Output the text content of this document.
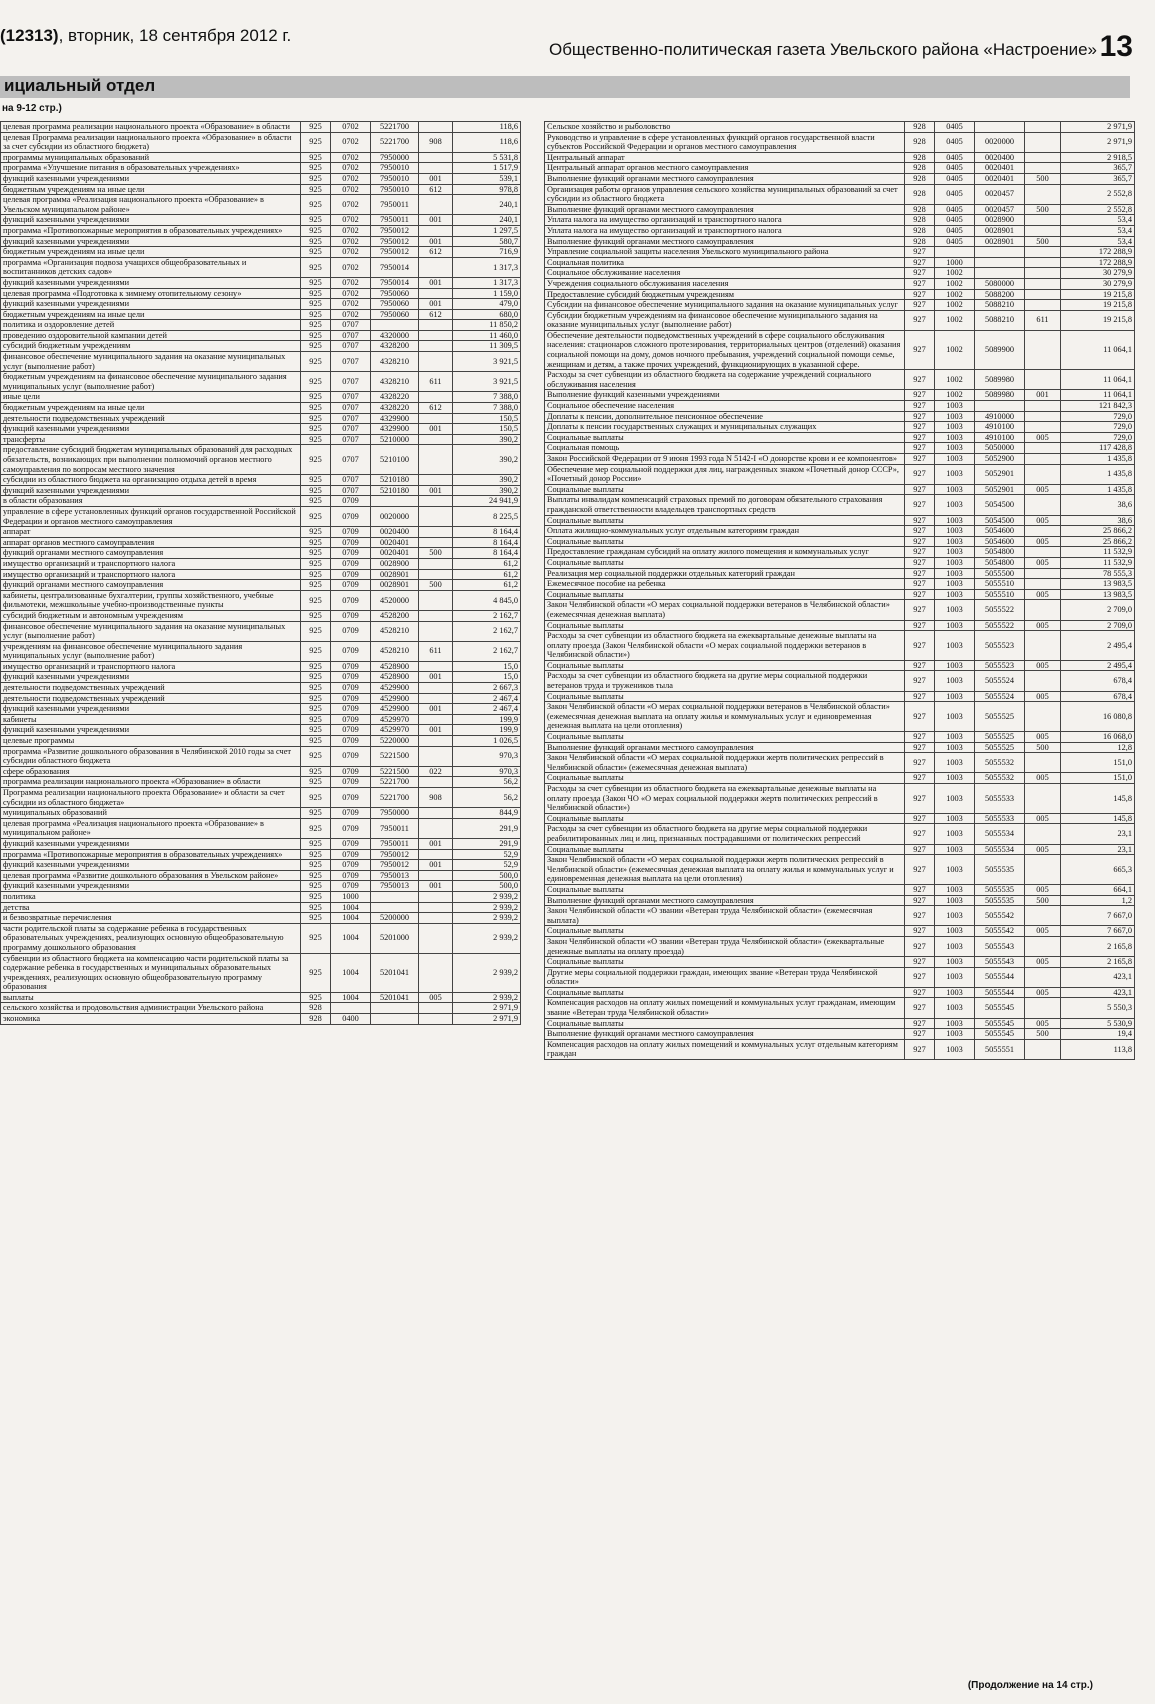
(12313), вторник, 18 сентября 2012 г.
Общественно-политическая газета Увельского района «Настроение» 13
ициальный отдел
на 9-12 стр.)
целевая программа реализации национального проекта «Образование» в области	925	0702	5221700		118,6
целевая Программа реализации национального проекта «Образование» в области за счет субсидии из областного бюджета)	925	0702	5221700	908	118,6
программы муниципальных образований	925	0702	7950000		5 531,8
программа «Улучшение питания в образовательных учреждениях»	925	0702	7950010		1 517,9
функций казенными учреждениями	925	0702	7950010	001	539,1
бюджетным учреждениям на иные цели	925	0702	7950010	612	978,8
целевая программа «Реализация национального проекта «Образование» в Увельском муниципальном районе»	925	0702	7950011		240,1
функций казенными учреждениями	925	0702	7950011	001	240,1
программа «Противопожарные мероприятия в образовательных учреждениях»	925	0702	7950012		1 297,5
функций казенными учреждениями	925	0702	7950012	001	580,7
бюджетным учреждениям на иные цели	925	0702	7950012	612	716,9
программа «Организация подвоза учащихся общеобразовательных и воспитанников детских садов»	925	0702	7950014		1 317,3
функций казенными учреждениями	925	0702	7950014	001	1 317,3
целевая программа «Подготовка к зимнему отопительному сезону»	925	0702	7950060		1 159,0
функций казенными учреждениями	925	0702	7950060	001	479,0
бюджетным учреждениям на иные цели	925	0702	7950060	612	680,0
политика и оздоровление детей	925	0707			11 850,2
проведению оздоровительной кампании детей	925	0707	4320000		11 460,0
субсидий бюджетным учреждениям	925	0707	4328200		11 309,5
финансовое обеспечение муниципального задания на оказание муниципальных услуг (выполнение работ)	925	0707	4328210		3 921,5
бюджетным учреждениям на финансовое обеспечение муниципального задания муниципальных услуг (выполнение работ)	925	0707	4328210	611	3 921,5
иные цели	925	0707	4328220		7 388,0
бюджетным учреждениям на иные цели	925	0707	4328220	612	7 388,0
деятельности подведомственных учреждений	925	0707	4329900		150,5
функций казенными учреждениями	925	0707	4329900	001	150,5
трансферты	925	0707	5210000		390,2
предоставление субсидий бюджетам муниципальных образований для расходных обязательств, возникающих при выполнении полномочий органов местного самоуправления по вопросам местного значения	925	0707	5210100		390,2
субсидии из областного бюджета на организацию отдыха детей в время	925	0707	5210180		390,2
функций казенными учреждениями	925	0707	5210180	001	390,2
в области образования	925	0709			24 941,9
управление в сфере установленных функций органов государственной Российской Федерации и органов местного самоуправления	925	0709	0020000		8 225,5
аппарат	925	0709	0020400		8 164,4
аппарат органов местного самоуправления	925	0709	0020401		8 164,4
функций органами местного самоуправления	925	0709	0020401	500	8 164,4
имущество организаций и транспортного налога	925	0709	0028900		61,2
имущество организаций и транспортного налога	925	0709	0028901		61,2
функций органами местного самоуправления	925	0709	0028901	500	61,2
кабинеты, централизованные бухгалтерии, группы хозяйственного, учебные фильмотеки, межшкольные учебно-производственные пункты	925	0709	4520000		4 845,0
субсидий бюджетным и автономным учреждениям	925	0709	4528200		2 162,7
финансовое обеспечение муниципального задания на оказание муниципальных услуг (выполнение работ)	925	0709	4528210		2 162,7
учреждениям на финансовое обеспечение муниципального задания муниципальных услуг (выполнение работ)	925	0709	4528210	611	2 162,7
имущество организаций и транспортного налога	925	0709	4528900		15,0
функций казенными учреждениями	925	0709	4528900	001	15,0
деятельности подведомственных учреждений	925	0709	4529900		2 667,3
деятельности подведомственных учреждений	925	0709	4529900		2 467,4
функций казенными учреждениями	925	0709	4529900	001	2 467,4
кабинеты	925	0709	4529970		199,9
функций казенными учреждениями	925	0709	4529970	001	199,9
целевые программы	925	0709	5220000		1 026,5
программа «Развитие дошкольного образования в Челябинской 2010 годы за счет субсидии областного бюджета	925	0709	5221500		970,3
сфере образования	925	0709	5221500	022	970,3
программа реализации национального проекта «Образование» в области	925	0709	5221700		56,2
Программа реализации национального проекта Образование» и области за счет субсидии из областного бюджета»	925	0709	5221700	908	56,2
муниципальных образований	925	0709	7950000		844,9
целевая программа «Реализация национального проекта «Образование» в муниципальном районе»	925	0709	7950011		291,9
функций казенными учреждениями	925	0709	7950011	001	291,9
программа «Противопожарные мероприятия в образовательных учреждениях»	925	0709	7950012		52,9
функций казенными учреждениями	925	0709	7950012	001	52,9
целевая программа «Развитие дошкольного образования в Увельском районе»	925	0709	7950013		500,0
функций казенными учреждениями	925	0709	7950013	001	500,0
политика	925	1000			2 939,2
детства	925	1004			2 939,2
и безвозвратные перечисления	925	1004	5200000		2 939,2
части родительской платы за содержание ребенка в государственных образовательных учреждениях, реализующих основную общеобразовательную программу дошкольного образования	925	1004	5201000		2 939,2
субвенции из областного бюджета на компенсацию части родительской платы за содержание ребенка в государственных и муниципальных образовательных учреждениях, реализующих основную общеобразовательную программу образования	925	1004	5201041		2 939,2
выплаты	925	1004	5201041	005	2 939,2
сельского хозяйства и продовольствия администрации Увельского района	928				2 971,9
экономика	928	0400			2 971,9
Сельское хозяйство и рыболовство	928	0405			2 971,9
Руководство и управление в сфере установленных функций органов государственной власти субъектов Российской Федерации и органов местного самоуправления	928	0405	0020000		2 971,9
Центральный аппарат	928	0405	0020400		2 918,5
Центральный аппарат органов местного самоуправления	928	0405	0020401		365,7
Выполнение функций органами местного самоуправления	928	0405	0020401	500	365,7
Организация работы органов управления сельского хозяйства муниципальных образований за счет субсидии из областного бюджета	928	0405	0020457		2 552,8
Выполнение функций органами местного самоуправления	928	0405	0020457	500	2 552,8
Уплата налога на имущество организаций и транспортного налога	928	0405	0028900		53,4
Уплата налога на имущество организаций и транспортного налога	928	0405	0028901		53,4
Выполнение функций органами местного самоуправления	928	0405	0028901	500	53,4
Управление социальной защиты населения Увельского муниципального района	927				172 288,9
Социальная политика	927	1000			172 288,9
Социальное обслуживание населения	927	1002			30 279,9
Учреждения социального обслуживания населения	927	1002	5080000		30 279,9
Предоставление субсидий бюджетным учреждениям	927	1002	5088200		19 215,8
Субсидии на финансовое обеспечение муниципального задания на оказание муниципальных услуг	927	1002	5088210		19 215,8
Субсидии бюджетным учреждениям на финансовое обеспечение муниципального задания на оказание муниципальных услуг (выполнение работ)	927	1002	5088210	611	19 215,8
Обеспечение деятельности подведомственных учреждений в сфере социального обслуживания населения: стационаров сложного протезирования, территориальных центров (отделений) оказания социальной помощи на дому, домов ночного пребывания, учреждений социальной помощи семье, женщинам и детям, а также прочих учреждений, функционирующих в указанной сфере.	927	1002	5089900		11 064,1
Расходы за счет субвенции из областного бюджета на содержание учреждений социального обслуживания населения	927	1002	5089980		11 064,1
Выполнение функций казенными учреждениями	927	1002	5089980	001	11 064,1
Социальное обеспечение населения	927	1003			121 842,3
Доплаты к пенсии, дополнительное пенсионное обеспечение	927	1003	4910000		729,0
Доплаты к пенсии государственных служащих и муниципальных служащих	927	1003	4910100		729,0
Социальные выплаты	927	1003	4910100	005	729,0
Социальная помощь	927	1003	5050000		117 428,8
Закон Российской Федерации от 9 июня 1993 года N 5142-I «О донорстве крови и ее компонентов»	927	1003	5052900		1 435,8
Обеспечение мер социальной поддержки для лиц, награжденных знаком «Почетный донор СССР», «Почетный донор России»	927	1003	5052901		1 435,8
Социальные выплаты	927	1003	5052901	005	1 435,8
Выплаты инвалидам компенсаций страховых премий по договорам обязательного страхования гражданской ответственности владельцев транспортных средств	927	1003	5054500		38,6
Социальные выплаты	927	1003	5054500	005	38,6
Оплата жилищно-коммунальных услуг отдельным категориям граждан	927	1003	5054600		25 866,2
Социальные выплаты	927	1003	5054600	005	25 866,2
Предоставление гражданам субсидий на оплату жилого помещения и коммунальных услуг	927	1003	5054800		11 532,9
Социальные выплаты	927	1003	5054800	005	11 532,9
Реализация мер социальной поддержки отдельных категорий граждан	927	1003	5055500		78 555,3
Ежемесячное пособие на ребенка	927	1003	5055510		13 983,5
Социальные выплаты	927	1003	5055510	005	13 983,5
Закон Челябинской области «О мерах социальной поддержки ветеранов в Челябинской области» (ежемесячная денежная выплата)	927	1003	5055522		2 709,0
Социальные выплаты	927	1003	5055522	005	2 709,0
Расходы за счет субвенции из областного бюджета на ежеквартальные денежные выплаты на оплату проезда (Закон Челябинской области «О мерах социальной поддержки ветеранов в Челябинской области»)	927	1003	5055523		2 495,4
Социальные выплаты	927	1003	5055523	005	2 495,4
Расходы за счет субвенции из областного бюджета на другие меры социальной поддержки ветеранов труда и тружеников тыла	927	1003	5055524		678,4
Социальные выплаты	927	1003	5055524	005	678,4
Закон Челябинской области «О мерах социальной поддержки ветеранов в Челябинской области» (ежемесячная денежная выплата на оплату жилья и коммунальных услуг и единовременная денежная выплата на цели отопления)	927	1003	5055525		16 080,8
Социальные выплаты	927	1003	5055525	005	16 068,0
Выполнение функций органами местного самоуправления	927	1003	5055525	500	12,8
Закон Челябинской области «О мерах социальной поддержки жертв политических репрессий в Челябинской области» (ежемесячная денежная выплата)	927	1003	5055532		151,0
Социальные выплаты	927	1003	5055532	005	151,0
Расходы за счет субвенции из областного бюджета на ежеквартальные денежные выплаты на оплату проезда (Закон ЧО «О мерах социальной поддержки жертв политических репрессий в Челябинской области»)	927	1003	5055533		145,8
Социальные выплаты	927	1003	5055533	005	145,8
Расходы за счет субвенции из областного бюджета на другие меры социальной поддержки реабилитированных лиц и лиц, признанных пострадавшими от политических репрессий	927	1003	5055534		23,1
Социальные выплаты	927	1003	5055534	005	23,1
Закон Челябинской области «О мерах социальной поддержки жертв политических репрессий в Челябинской области» (ежемесячная денежная выплата на оплату жилья и коммунальных услуг и единовременная денежная выплата на цели отопления)	927	1003	5055535		665,3
Социальные выплаты	927	1003	5055535	005	664,1
Выполнение функций органами местного самоуправления	927	1003	5055535	500	1,2
Закон Челябинской области «О звании «Ветеран труда Челябинской области» (ежемесячная выплата)	927	1003	5055542		7 667,0
Социальные выплаты	927	1003	5055542	005	7 667,0
Закон Челябинской области «О звании «Ветеран труда Челябинской области» (ежеквартальные денежные выплаты на оплату проезда)	927	1003	5055543		2 165,8
Социальные выплаты	927	1003	5055543	005	2 165,8
Другие меры социальной поддержки граждан, имеющих звание «Ветеран труда Челябинской области»	927	1003	5055544		423,1
Социальные выплаты	927	1003	5055544	005	423,1
Компенсация расходов на оплату жилых помещений и коммунальных услуг гражданам, имеющим звание «Ветеран труда Челябинской области»	927	1003	5055545		5 550,3
Социальные выплаты	927	1003	5055545	005	5 530,9
Выполнение функций органами местного самоуправления	927	1003	5055545	500	19,4
Компенсация расходов на оплату жилых помещений и коммунальных услуг отдельным категориям граждан	927	1003	5055551		113,8
(Продолжение на 14 стр.)
